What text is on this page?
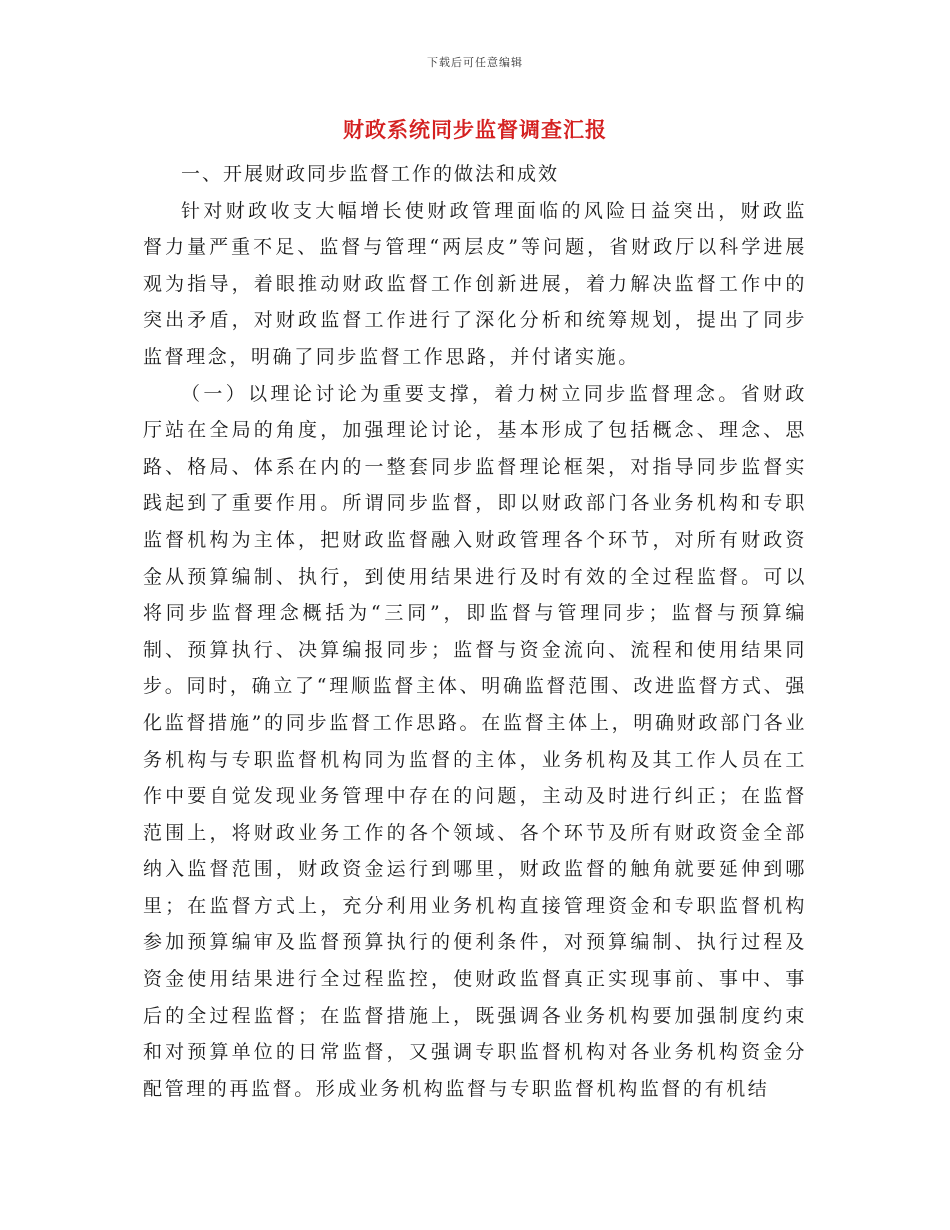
下载后可任意编辑
财政系统同步监督调查汇报

一、开展财政同步监督工作的做法和成效

针对财政收支大幅增长使财政管理面临的风险日益突出，财政监督力量严重不足、监督与管理“两层皮”等问题，省财政厅以科学进展观为指导，着眼推动财政监督工作创新进展，着力解决监督工作中的突出矛盾，对财政监督工作进行了深化分析和统筹规划，提出了同步监督理念，明确了同步监督工作思路，并付诸实施。

（一）以理论讨论为重要支撑，着力树立同步监督理念。省财政厅站在全局的角度，加强理论讨论，基本形成了包括概念、理念、思路、格局、体系在内的一整套同步监督理论框架，对指导同步监督实践起到了重要作用。所谓同步监督，即以财政部门各业务机构和专职监督机构为主体，把财政监督融入财政管理各个环节，对所有财政资金从预算编制、执行，到使用结果进行及时有效的全过程监督。可以将同步监督理念概括为“三同”，即监督与管理同步；监督与预算编制、预算执行、决算编报同步；监督与资金流向、流程和使用结果同步。同时，确立了“理顺监督主体、明确监督范围、改进监督方式、强化监督措施”的同步监督工作思路。在监督主体上，明确财政部门各业务机构与专职监督机构同为监督的主体，业务机构及其工作人员在工作中要自觉发现业务管理中存在的问题，主动及时进行纠正；在监督范围上，将财政业务工作的各个领域、各个环节及所有财政资金全部纳入监督范围，财政资金运行到哪里，财政监督的触角就要延伸到哪里；在监督方式上，充分利用业务机构直接管理资金和专职监督机构参加预算编审及监督预算执行的便利条件，对预算编制、执行过程及资金使用结果进行全过程监控，使财政监督真正实现事前、事中、事后的全过程监督；在监督措施上，既强调各业务机构要加强制度约束和对预算单位的日常监督，又强调专职监督机构对各业务机构资金分配管理的再监督。形成业务机构监督与专职监督机构监督的有机结
